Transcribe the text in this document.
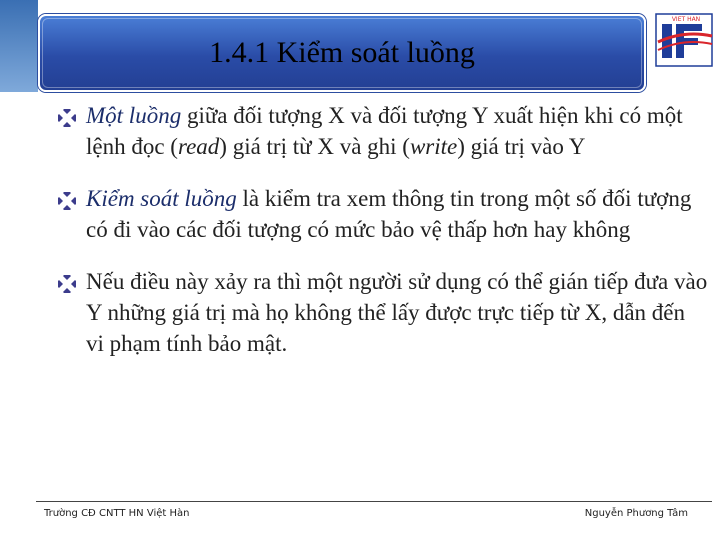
1.4.1 Kiểm soát luồng
VIET HAN
Một luồng giữa đối tượng X và đối tượng Y xuất hiện khi có một lệnh đọc (read) giá trị từ X và ghi (write) giá trị vào Y
Kiểm soát luồng là kiểm tra xem thông tin trong một số đối tượng có đi vào các đối tượng có mức bảo vệ thấp hơn hay không
Nếu điều này xảy ra thì một người sử dụng có thể gián tiếp đưa vào Y những giá trị mà họ không thể lấy được trực tiếp từ X, dẫn đến vi phạm tính bảo mật.
Trường CĐ CNTT HN Việt Hàn	Nguyễn Phương Tâm
